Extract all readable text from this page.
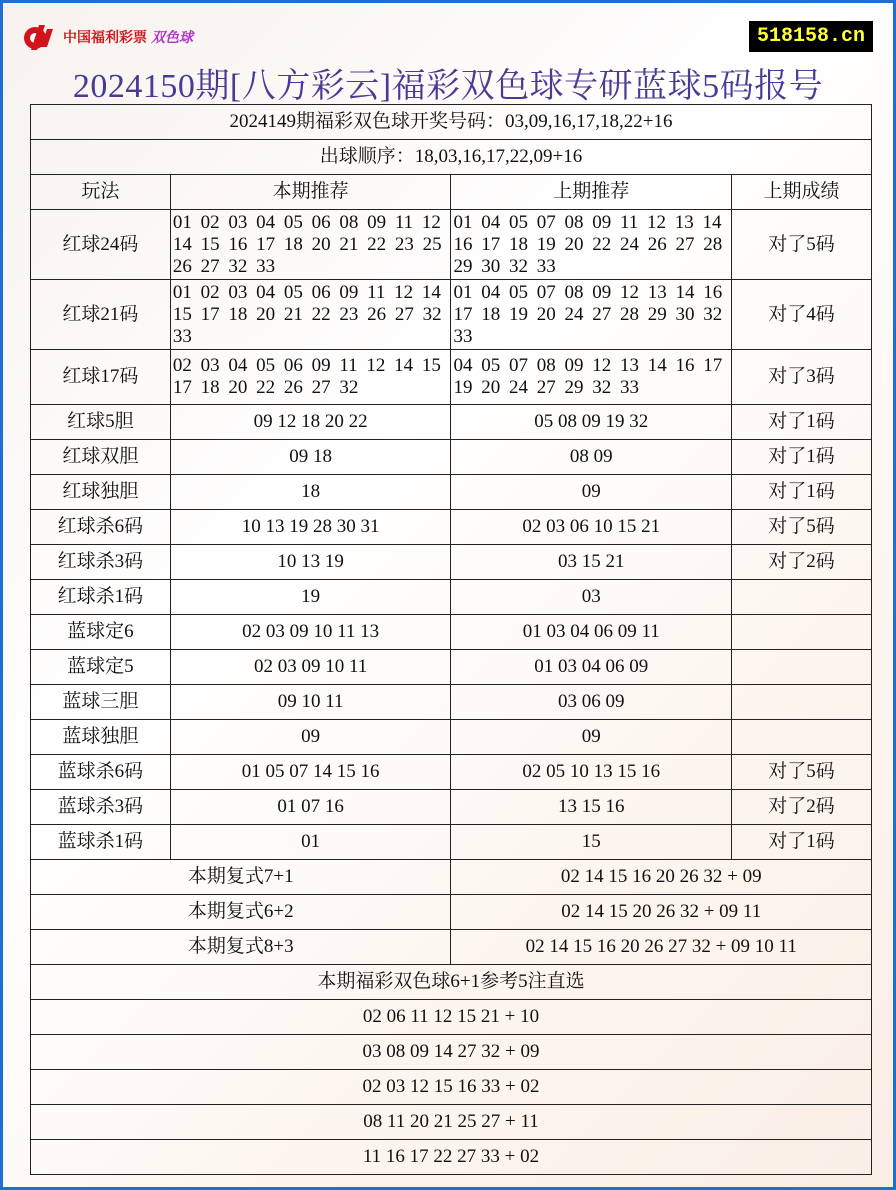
中国福利彩票 双色球	518158.cn
2024150期[八方彩云]福彩双色球专研蓝球5码报号
2024149期福彩双色球开奖号码：03,09,16,17,18,22+16			
出球顺序：18,03,16,17,22,09+16			
玩法	本期推荐	上期推荐	上期成绩
红球24码	01 02 03 04 05 06 08 09 11 12 14 15 16 17 18 20 21 22 23 25 26 27 32 33	01 04 05 07 08 09 11 12 13 14 16 17 18 19 20 22 24 26 27 28 29 30 32 33	对了5码
红球21码	01 02 03 04 05 06 09 11 12 14 15 17 18 20 21 22 23 26 27 32 33	01 04 05 07 08 09 12 13 14 16 17 18 19 20 24 27 28 29 30 32 33	对了4码
红球17码	02 03 04 05 06 09 11 12 14 15 17 18 20 22 26 27 32	04 05 07 08 09 12 13 14 16 17 19 20 24 27 29 32 33	对了3码
红球5胆	09 12 18 20 22	05 08 09 19 32	对了1码
红球双胆	09 18	08 09	对了1码
红球独胆	18	09	对了1码
红球杀6码	10 13 19 28 30 31	02 03 06 10 15 21	对了5码
红球杀3码	10 13 19	03 15 21	对了2码
红球杀1码	19	03	
蓝球定6	02 03 09 10 11 13	01 03 04 06 09 11	
蓝球定5	02 03 09 10 11	01 03 04 06 09	
蓝球三胆	09 10 11	03 06 09	
蓝球独胆	09	09	
蓝球杀6码	01 05 07 14 15 16	02 05 10 13 15 16	对了5码
蓝球杀3码	01 07 16	13 15 16	对了2码
蓝球杀1码	01	15	对了1码
本期复式7+1		02 14 15 16 20 26 32 + 09	
本期复式6+2		02 14 15 20 26 32 + 09 11	
本期复式8+3		02 14 15 16 20 26 27 32 + 09 10 11	
本期福彩双色球6+1参考5注直选			
02 06 11 12 15 21 + 10			
03 08 09 14 27 32 + 09			
02 03 12 15 16 33 + 02			
08 11 20 21 25 27 + 11			
11 16 17 22 27 33 + 02			
